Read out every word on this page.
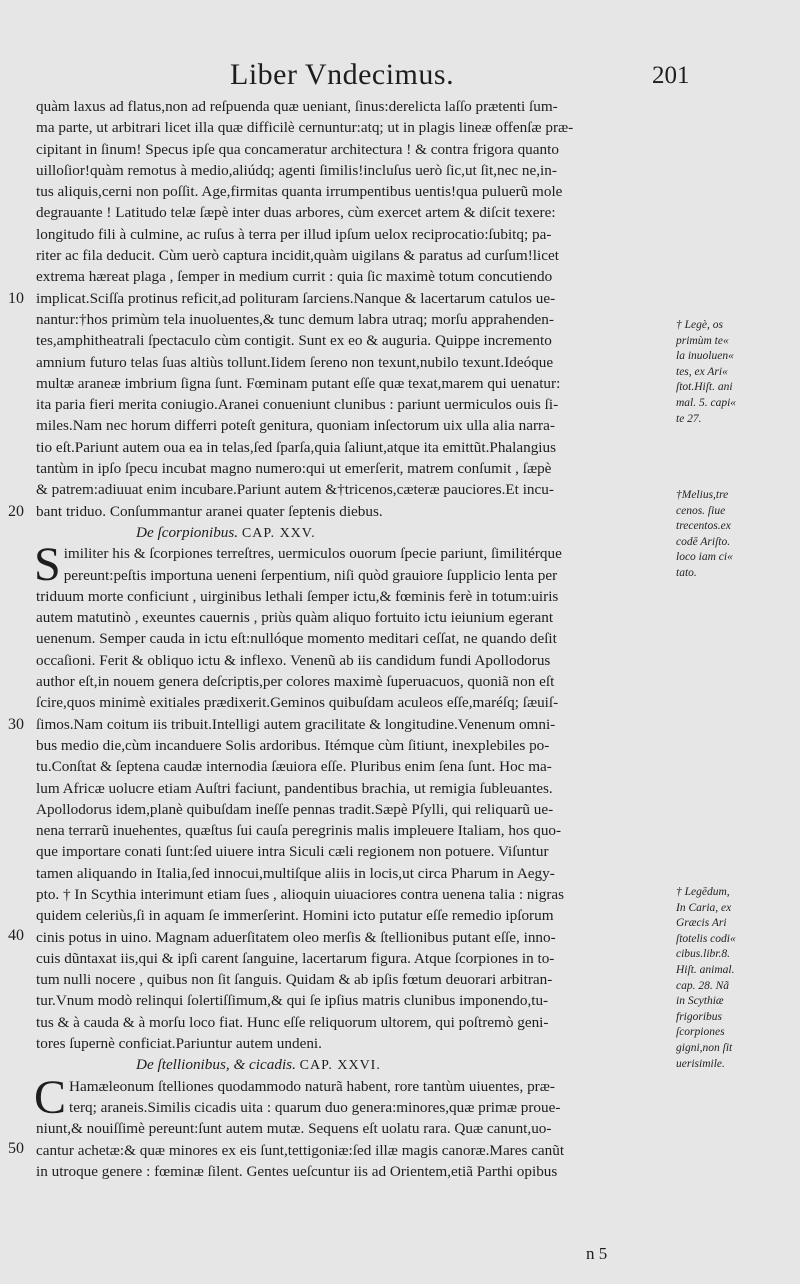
Liber Vndecimus.	201
10
20
30
40
50
quàm laxus ad flatus,non ad reſpuenda quæ ueniant, ſinus:derelicta laſſo prætenti ſum-
ma parte, ut arbitrari licet illa quæ difficilè cernuntur:atq; ut in plagis lineæ offenſæ præ-
cipitant in ſinum! Specus ipſe qua concameratur architectura ! & contra frigora quanto
uilloſior!quàm remotus à medio,aliúdq; agenti ſimilis!incluſus uerò ſic,ut ſit,nec ne,in-
tus aliquis,cerni non poſſit. Age,firmitas quanta irrumpentibus uentis!qua puluerũ mole
degrauante ! Latitudo telæ ſæpè inter duas arbores, cùm exercet artem & diſcit texere:
longitudo fili à culmine, ac ruſus à terra per illud ipſum uelox reciprocatio:ſubitq; pa-
riter ac fila deducit. Cùm uerò captura incidit,quàm uigilans & paratus ad curſum!licet
extrema hæreat plaga , ſemper in medium currit : quia ſic maximè totum concutiendo
implicat.Sciſſa protinus reficit,ad polituram ſarciens.Nanque & lacertarum catulos ue-
nantur:†hos primùm tela inuoluentes,& tunc demum labra utraq; morſu apprahenden-
tes,amphitheatrali ſpectaculo cùm contigit. Sunt ex eo & auguria. Quippe incremento
amnium futuro telas ſuas altiùs tollunt.Iidem ſereno non texunt,nubilo texunt.Ideóque
multæ araneæ imbrium ſigna ſunt. Fœminam putant eſſe quæ texat,marem qui uenatur:
ita paria fieri merita coniugio.Aranei conueniunt clunibus : pariunt uermiculos ouis ſi-
miles.Nam nec horum differri poteſt genitura, quoniam inſectorum uix ulla alia narra-
tio eſt.Pariunt autem oua ea in telas,ſed ſparſa,quia ſaliunt,atque ita emittũt.Phalangius
tantùm in ipſo ſpecu incubat magno numero:qui ut emerſerit, matrem conſumit , ſæpè
& patrem:adiuuat enim incubare.Pariunt autem &†tricenos,cæteræ pauciores.Et incu-
bant triduo. Conſummantur aranei quater ſeptenis diebus.
De ſcorpionibus. CAP. XXV.
S imiliter his & ſcorpiones terreſtres, uermiculos ouorum ſpecie pariunt, ſimilitérque
pereunt:peſtis importuna ueneni ſerpentium, niſi quòd grauiore ſupplicio lenta per
triduum morte conficiunt , uirginibus lethali ſemper ictu,& fœminis ferè in totum:uiris
autem matutinò , exeuntes cauernis , priùs quàm aliquo fortuito ictu ieiunium egerant
uenenum. Semper cauda in ictu eſt:nullóque momento meditari ceſſat, ne quando deſit
occaſioni. Ferit & obliquo ictu & inflexo. Venenũ ab iis candidum fundi Apollodorus
author eſt,in nouem genera deſcriptis,per colores maximè ſuperuacuos, quoniã non eſt
ſcire,quos minimè exitiales prædixerit.Geminos quibuſdam aculeos eſſe,maréſq; ſæuiſ-
ſimos.Nam coitum iis tribuit.Intelligi autem gracilitate & longitudine.Venenum omni-
bus medio die,cùm incanduere Solis ardoribus. Itémque cùm ſitiunt, inexplebiles po-
tu.Conſtat & ſeptena caudæ internodia ſæuiora eſſe. Pluribus enim ſena ſunt. Hoc ma-
lum Africæ uolucre etiam Auſtri faciunt, pandentibus brachia, ut remigia ſubleuantes.
Apollodorus idem,planè quibuſdam ineſſe pennas tradit.Sæpè Pſylli, qui reliquarũ ue-
nena terrarũ inuehentes, quæſtus ſui cauſa peregrinis malis impleuere Italiam, hos quo-
que importare conati ſunt:ſed uiuere intra Siculi cæli regionem non potuere. Viſuntur
tamen aliquando in Italia,ſed innocui,multiſque aliis in locis,ut circa Pharum in Aegy-
pto. † In Scythia interimunt etiam ſues , alioquin uiuaciores contra uenena talia : nigras
quidem celeriùs,ſi in aquam ſe immerſerint. Homini icto putatur eſſe remedio ipſorum
cinis potus in uino. Magnam aduerſitatem oleo merſis & ſtellionibus putant eſſe, inno-
cuis dũntaxat iis,qui & ipſi carent ſanguine, lacertarum figura. Atque ſcorpiones in to-
tum nulli nocere , quibus non ſit ſanguis. Quidam & ab ipſis fœtum deuorari arbitran-
tur.Vnum modò relinqui ſolertiſſimum,& qui ſe ipſius matris clunibus imponendo,tu-
tus & à cauda & à morſu loco fiat. Hunc eſſe reliquorum ultorem, qui poſtremò geni-
tores ſupernè conficiat.Pariuntur autem undeni.
De ſtellionibus, & cicadis. CAP. XXVI.
C Hamæleonum ſtelliones quodammodo naturã habent, rore tantùm uiuentes, præ-
terq; araneis.Similis cicadis uita : quarum duo genera:minores,quæ primæ proue-
niunt,& nouiſſimè pereunt:ſunt autem mutæ. Sequens eſt uolatu rara. Quæ canunt,uo-
cantur achetæ:& quæ minores ex eis ſunt,tettigoniæ:ſed illæ magis canoræ.Mares canũt
in utroque genere : fœminæ ſilent. Gentes ueſcuntur iis ad Orientem,etiã Parthi opibus
† Legè, os
primùm te«
la inuoluen«
tes, ex Ari«
ſtot.Hiſt. ani
mal. 5. capi«
te 27.
†Melius,tre
cenos. ſiue
trecentos.ex
codē Ariſto.
loco iam ci«
tato.
† Legēdum,
In Caria, ex
Græcis Ari
ſtotelis codi«
cibus.libr.8.
Hiſt. animal.
cap. 28. Nã
in Scythiæ
frigoribus
ſcorpiones
gigni,non ſit
uerisimile.
n 5
